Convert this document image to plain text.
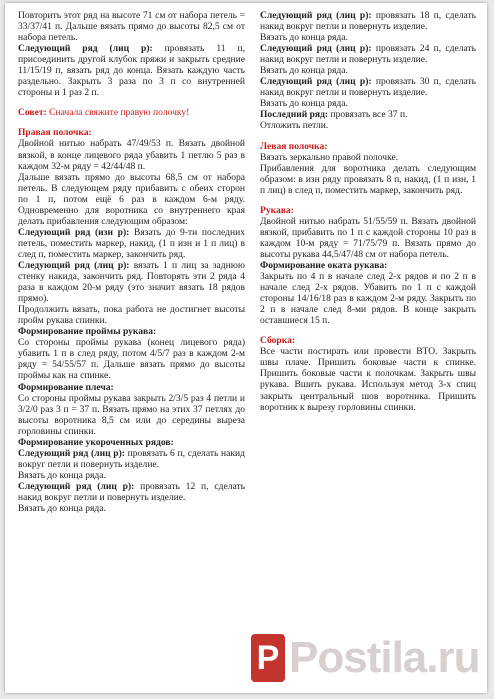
Повторить этот ряд на высоте 71 см от набора петель = 33/37/41 п. Дальше вязать прямо до высоты 82,5 см от набора петель.

Следующий ряд (лиц р): провязать 11 п, присоединить другой клубок пряжи и закрыть средние 11/15/19 п, вязать ряд до конца. Вязать каждую часть раздельно. Закрыть 3 раза по 3 п со внутренней стороны и 1 раз 2 п.

Совет: Сначала свяжите правую полочку!

Правая полочка:

Двойной нитью набрать 47/49/53 п. Вязать двойной вязкой, в конце лицевого ряда убавить 1 петлю 5 раз в каждом 32-м ряду = 42/44/48 п.

Дальше вязать прямо до высоты 68,5 см от набора петель. В следующем ряду прибавить с обеих сторон по 1 п, потом ещё 6 раз в каждом 6-м ряду. Одновременно для воротника со внутреннего края делать прибавления следующим образом:

Следующий ряд (изн р): Вязать до 9-ти последних петель, поместить маркер, накид, (1 п изн и 1 п лиц) в след п, поместить маркер, закончить ряд.

Следующий ряд (лиц р): вязать 1 п лиц за заднюю стенку накида, закончить ряд. Повторять эти 2 ряда 4 раза в каждом 20-м ряду (это значит вязать 18 рядов прямо).

Продолжить вязать, пока работа не достигнет высоты пройм рукава спинки.

Формирование проймы рукава:

Со стороны проймы рукава (конец лицевого ряда) убавить 1 п в след ряду, потом 4/5/7 раз в каждом 2-м ряду = 54/55/57 п. Дальше вязать прямо до высоты проймы как на спинке.

Формирование плеча:

Со стороны проймы рукава закрыть 2/3/5 раз 4 петли и 3/2/0 раз 3 п = 37 п. Вязать прямо на этих 37 петлях до высоты воротника 8,5 см или до середины выреза горловины спинки.

Формирование укороченных рядов:

Следующий ряд (лиц р): провязать 6 п, сделать накид вокруг петли и повернуть изделие.

Вязать до конца ряда.

Следующий ряд (лиц р): провязать 12 п, сделать накид вокруг петли и повернуть изделие.

Вязать до конца ряда.

Следующий ряд (лиц р): провязать 18 п, сделать накид вокруг петли и повернуть изделие.

Вязать до конца ряда.

Следующий ряд (лиц р): провязать 24 п, сделать накид вокруг петли и повернуть изделие.

Вязать до конца ряда.

Следующий ряд (лиц р): провязать 30 п, сделать накид вокруг петли и повернуть изделие.

Вязать до конца ряда.

Последний ряд: провязать все 37 п.

Отложить петли.

Левая полочка:

Вязать зеркально правой полочке.

Прибавления для воротника делать следующим образом: в изн ряду провязать 8 п, накид, (1 п изн, 1 п лиц) в след п, поместить маркер, закончить ряд.

Рукава:

Двойной нитью набрать 51/55/59 п. Вязать двойной вязкой, прибавить по 1 п с каждой стороны 10 раз в каждом 10-м ряду = 71/75/79 п. Вязать прямо до высоты рукава 44,5/47/48 см от набора петель.

Формирование оката рукава:

Закрыть по 4 п в начале след 2-х рядов и по 2 п в начале след 2-х рядов. Убавить по 1 п с каждой стороны 14/16/18 раз в каждом 2-м ряду. Закрыть по 2 п в начале след 8-ми рядов. В конце закрыть оставшиеся 15 п.

Сборка:

Все части постирать или провести ВТО. Закрыть швы плаче. Пришить боковые части к спинке. Пришить боковые части к полочкам. Закрыть швы рукава. Вшить рукава. Используя метод 3-х спиц закрыть центральный шов воротника. Пришить воротник к вырезу горловины спинки.

P Postila.ru
